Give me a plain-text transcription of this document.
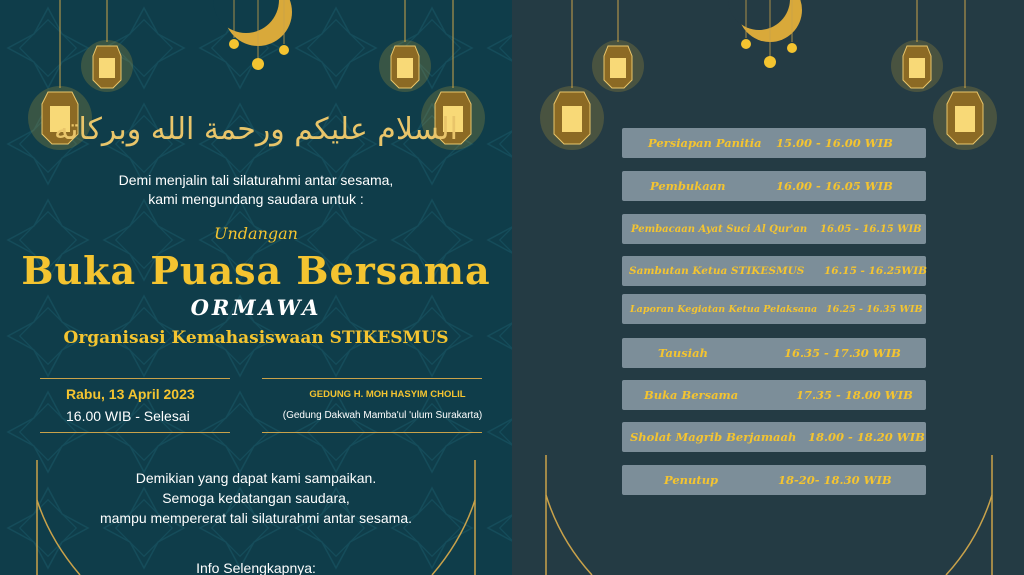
السلام عليكم ورحمة الله وبركاته
Demi menjalin tali silaturahmi antar sesama,
kami mengundang saudara untuk :
Undangan
Buka Puasa Bersama
ORMAWA
Organisasi Kemahasiswaan STIKESMUS
Rabu, 13 April 2023
16.00 WIB - Selesai
GEDUNG H. MOH HASYIM CHOLIL
(Gedung Dakwah Mamba'ul 'ulum Surakarta)
Demikian yang dapat kami sampaikan.
Semoga kedatangan saudara,
mampu mempererat tali silaturahmi antar sesama.
Info Selengkapnya:
Persiapan Panitia 15.00 - 16.00 WIB
Pembukaan	16.00 - 16.05 WIB
Pembacaan Ayat Suci Al Qur'an 16.05 - 16.15 WIB
Sambutan Ketua STIKESMUS 16.15 - 16.25WIB
Laporan Kegiatan Ketua Pelaksana 16.25 - 16.35 WIB
Tausiah	16.35 - 17.30 WIB
Buka Bersama	17.35 - 18.00 WIB
Sholat Magrib Berjamaah 18.00 - 18.20 WIB
Penutup	18-20- 18.30 WIB
